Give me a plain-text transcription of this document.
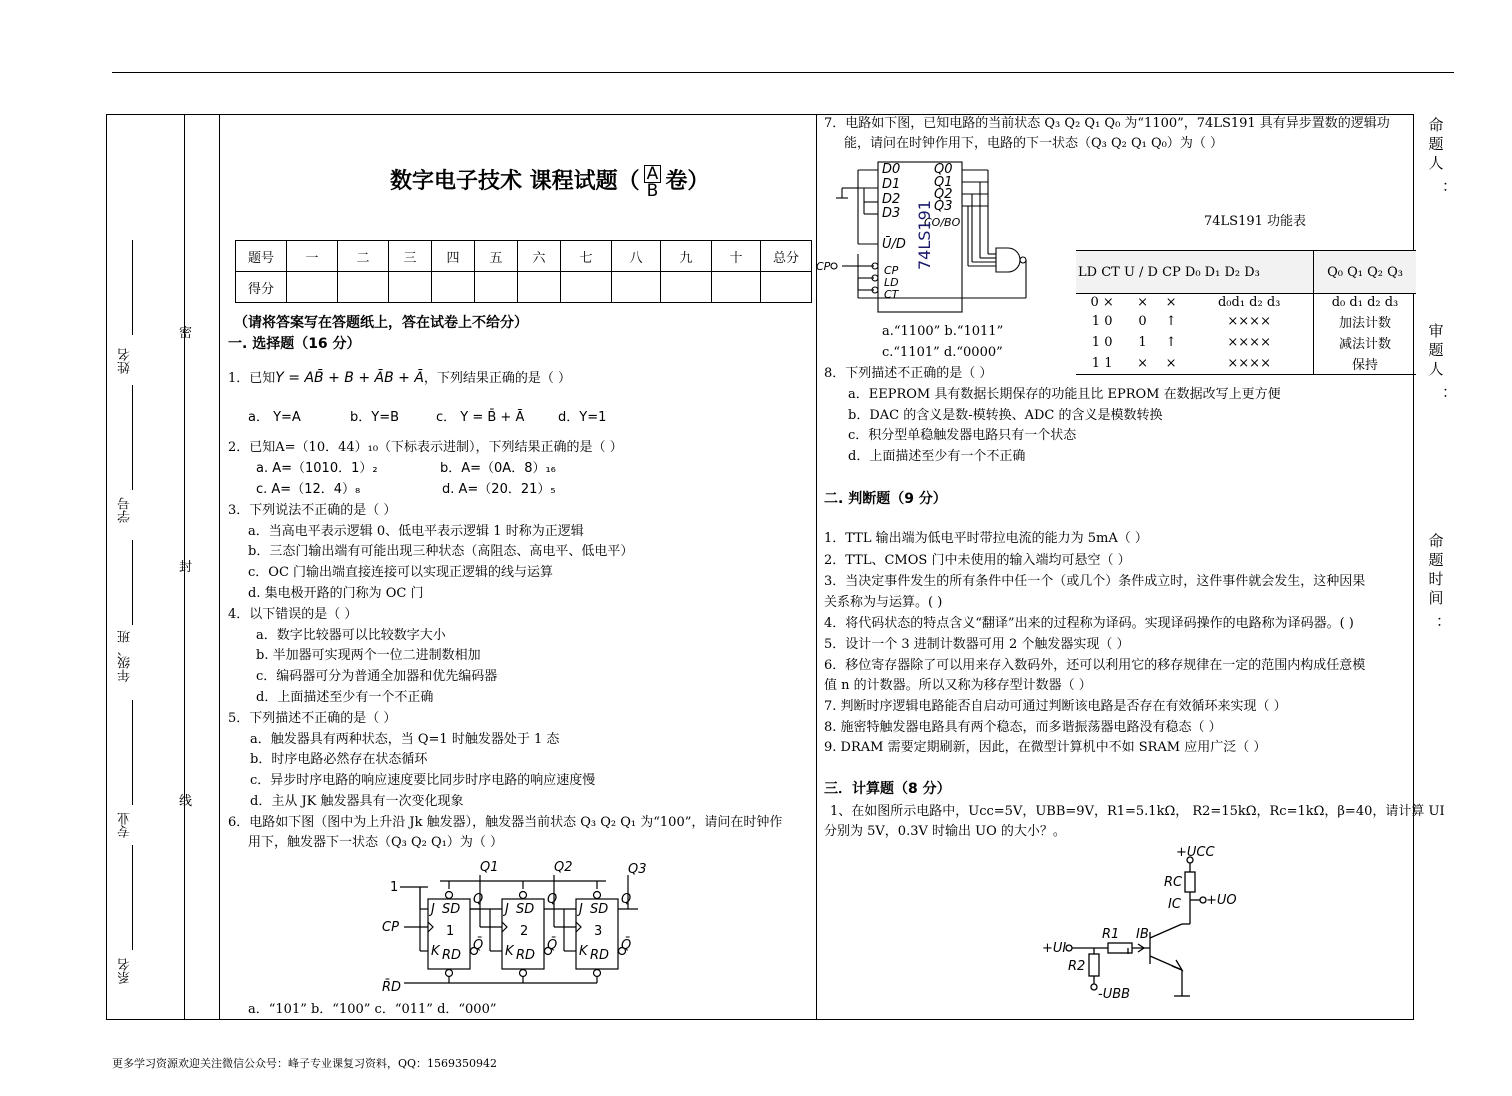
密
封
线
姓名
学号
年级、班
专业
系名
数字电子技术 课程试题（ $\frac{A}{B}$ 卷）
题号	一	二	三	四	五	六	七	八	九	十	总分
得分											
（请将答案写在答题纸上，答在试卷上不给分）
一. 选择题（16 分）
1．已知Y = AB̄ + B + ĀB + Ā，下列结果正确的是（ ）
a． Y=A	b．Y=B	c． Y = B̄ + Ā	d．Y=1
2．已知A=（10．44）₁₀（下标表示进制），下列结果正确的是（ ）
a. A=（1010．1）₂	b．A=（0A．8）₁₆
c. A=（12．4）₈	d. A=（20．21）₅
3．下列说法不正确的是（ ）
a．当高电平表示逻辑 0、低电平表示逻辑 1 时称为正逻辑
b．三态门输出端有可能出现三种状态（高阻态、高电平、低电平）
c．OC 门输出端直接连接可以实现正逻辑的线与运算
d. 集电极开路的门称为 OC 门
4．以下错误的是（ ）
a．数字比较器可以比较数字大小
b. 半加器可实现两个一位二进制数相加
c．编码器可分为普通全加器和优先编码器
d．上面描述至少有一个不正确
5．下列描述不正确的是（ ）
a．触发器具有两种状态，当 Q=1 时触发器处于 1 态
b．时序电路必然存在状态循环
c．异步时序电路的响应速度要比同步时序电路的响应速度慢
d．主从 JK 触发器具有一次变化现象
6．电路如下图（图中为上升沿 Jk 触发器），触发器当前状态 Q₃ Q₂ Q₁ 为“100”，请问在时钟作
用下，触发器下一状态（Q₃ Q₂ Q₁）为（ ）
1
CP
R̄D
Q1	Q2	Q3
J
K
SD
RD
1
Q
Q̄
J
K
SD
RD
2
Q
Q̄
J
K
SD
RD
3
Q
Q̄
a．“101” b．“100” c．“011” d．“000”
7．电路如下图，已知电路的当前状态 Q₃ Q₂ Q₁ Q₀ 为“1100”，74LS191 具有异步置数的逻辑功
能，请问在时钟作用下，电路的下一状态（Q₃ Q₂ Q₁ Q₀）为（ ）
D0
D1
D2
D3
Q0
Q1
Q2
Q3
Ū/D
CO/BO
CP
LD
CT
CP	74LS191
a.“1100” b.“1011”
c.“1101” d.“0000”
74LS191 功能表
LD CT U / D CP D₀ D₁ D₂ D₃				Q₀ Q₁ Q₂ Q₃
0 ×	×	×	d₀d₁ d₂ d₃	d₀ d₁ d₂ d₃
1 0	0	↑	××××	加法计数
1 0	1	↑	××××	减法计数
1 1	×	×	××××	保持
8．下列描述不正确的是（ ）
a．EEPROM 具有数据长期保存的功能且比 EPROM 在数据改写上更方便
b．DAC 的含义是数-模转换、ADC 的含义是模数转换
c．积分型单稳触发器电路只有一个状态
d．上面描述至少有一个不正确
二. 判断题（9 分）
1．TTL 输出端为低电平时带拉电流的能力为 5mA（ ）
2．TTL、CMOS 门中未使用的输入端均可悬空（ ）
3．当决定事件发生的所有条件中任一个（或几个）条件成立时，这件事件就会发生，这种因果
关系称为与运算。( )
4．将代码状态的特点含义“翻译”出来的过程称为译码。实现译码操作的电路称为译码器。( )
5．设计一个 3 进制计数器可用 2 个触发器实现（ ）
6．移位寄存器除了可以用来存入数码外，还可以利用它的移存规律在一定的范围内构成任意模
值 n 的计数器。所以又称为移存型计数器（ ）
7. 判断时序逻辑电路能否自启动可通过判断该电路是否存在有效循环来实现（ ）
8. 施密特触发器电路具有两个稳态，而多谐振荡器电路没有稳态（ ）
9. DRAM 需要定期刷新，因此，在微型计算机中不如 SRAM 应用广泛（ ）
三．计算题（8 分）
1、在如图所示电路中，Ucc=5V，UBB=9V，R1=5.1kΩ， R2=15kΩ，Rc=1kΩ，β=40，请计算 UI
分别为 5V，0.3V 时输出 UO 的大小？。
+UCC
RC
IC +UO
R1 IB
+UI
R2
-UBB
命
题
人
：
审
题
人
：
命
题
时
间
：
更多学习资源欢迎关注微信公众号：峰子专业课复习资料，QQ：1569350942
